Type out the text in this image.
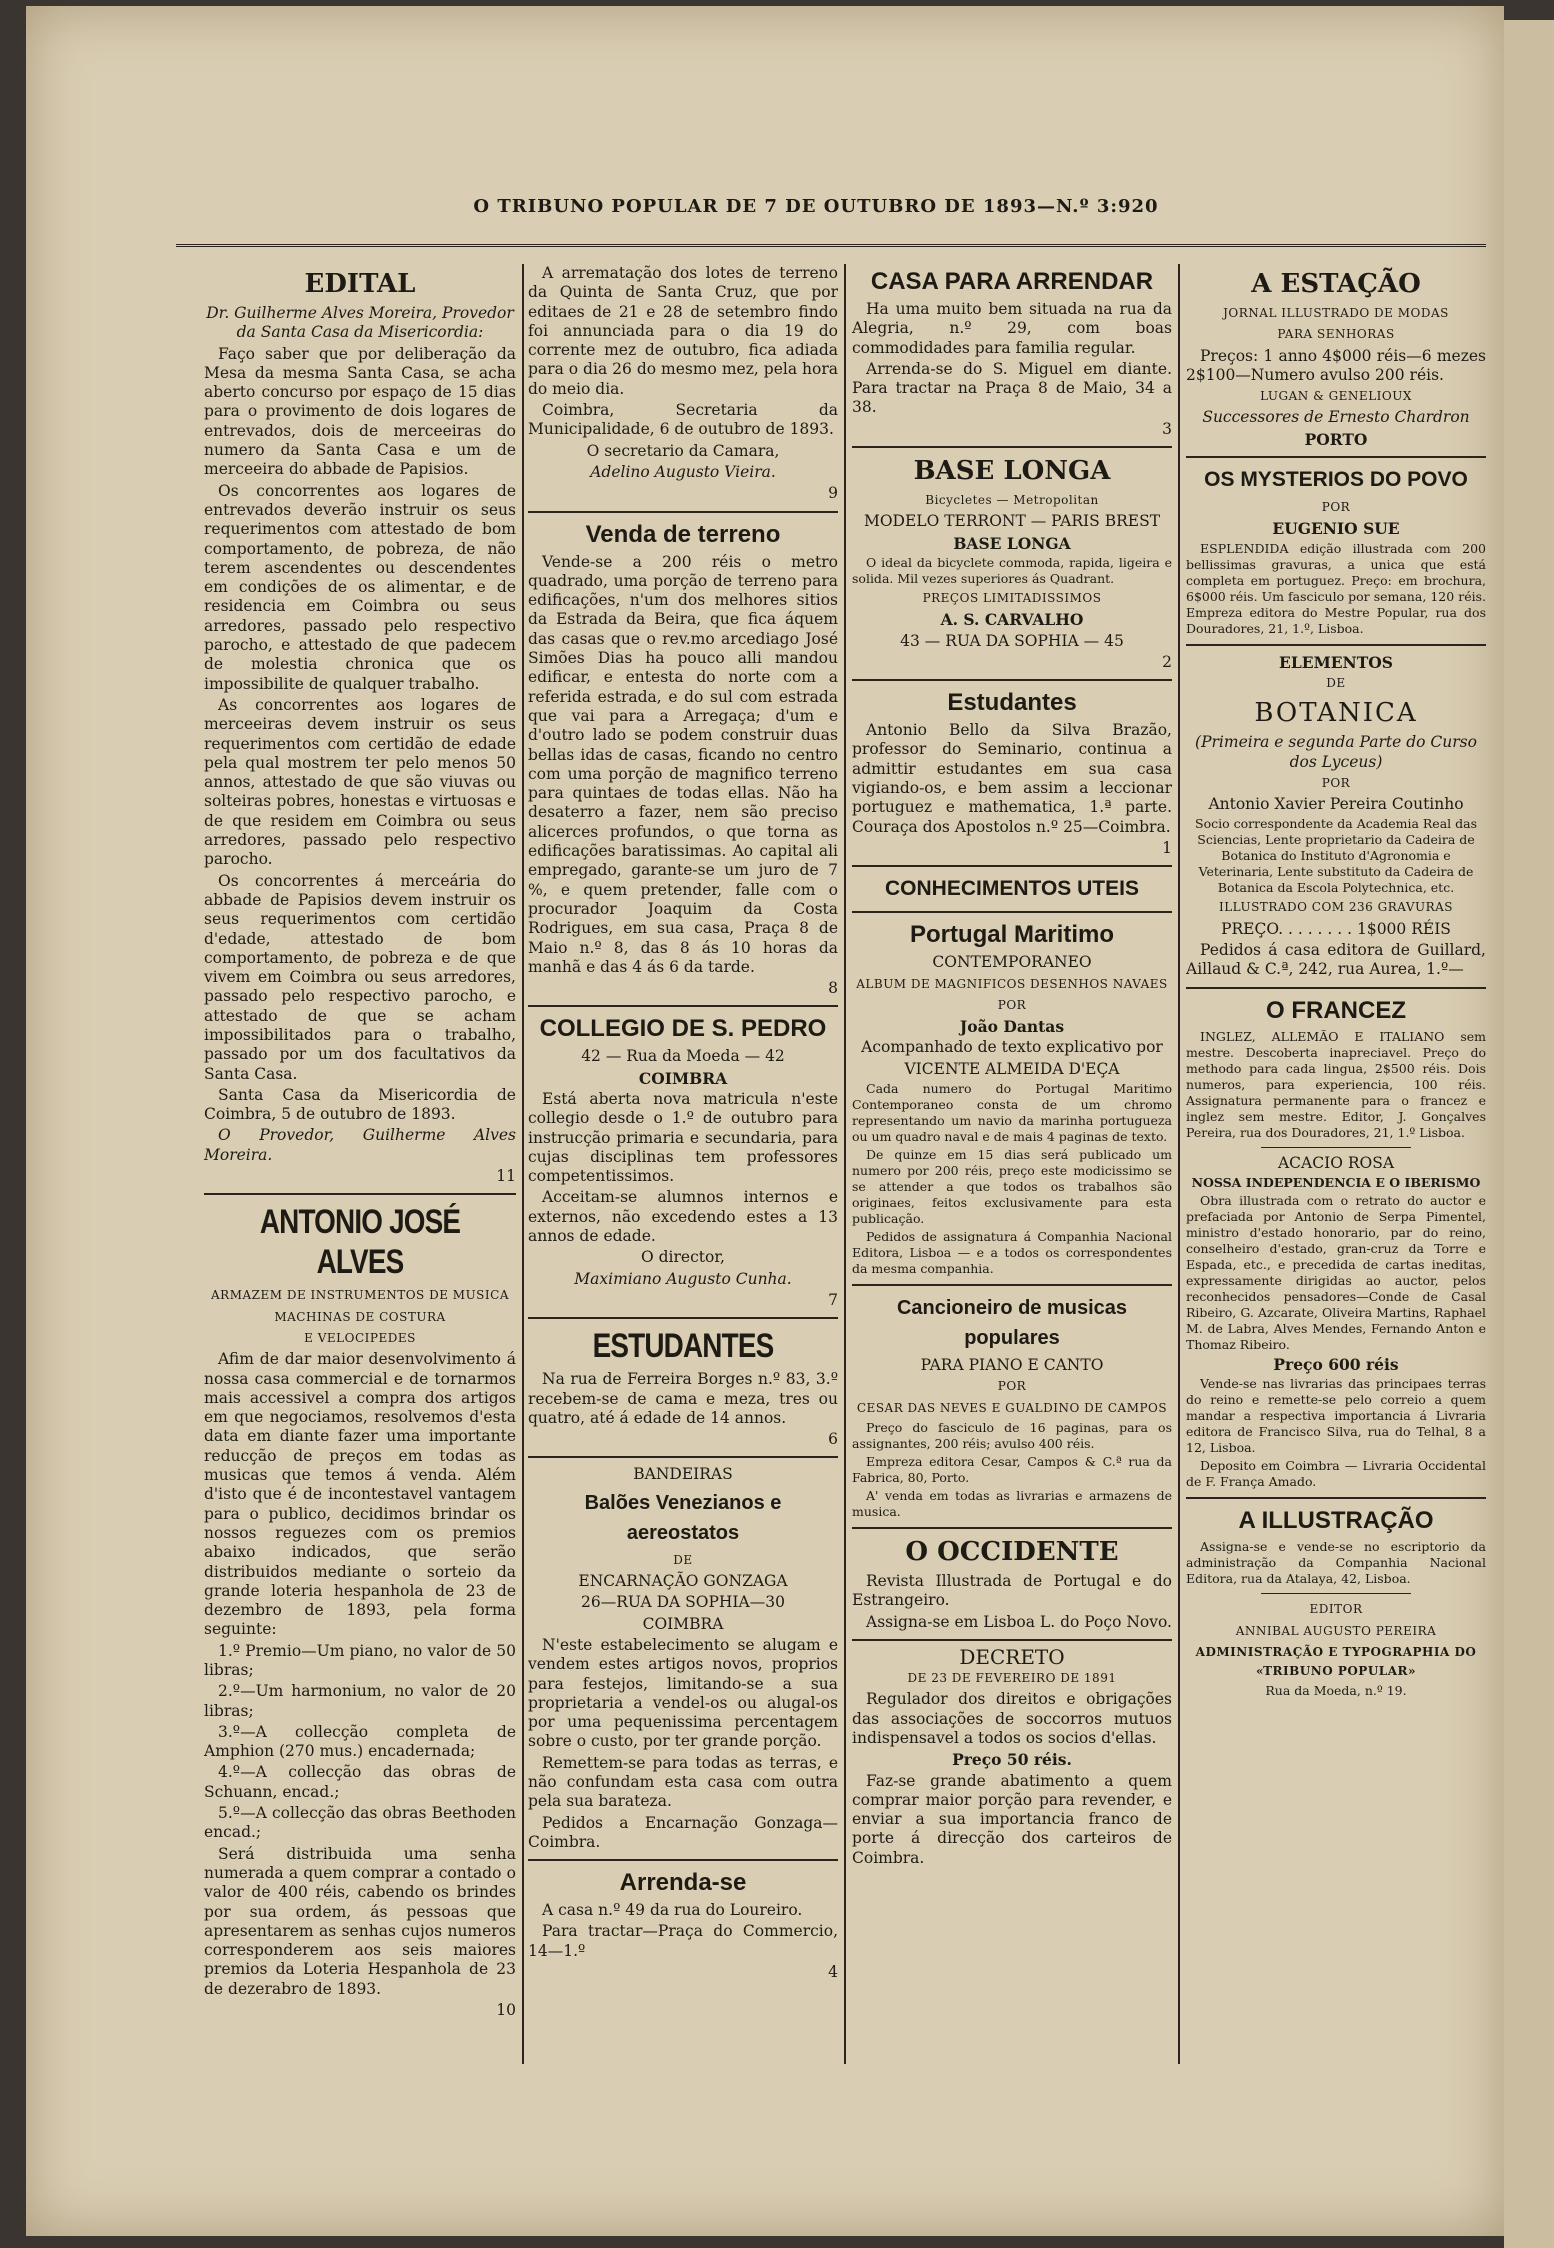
O TRIBUNO POPULAR DE 7 DE OUTUBRO DE 1893—N.º 3:920
EDITAL

Dr. Guilherme Alves Moreira, Provedor da Santa Casa da Misericordia:

Faço saber que por deliberação da Mesa da mesma Santa Casa, se acha aberto concurso por espaço de 15 dias para o provimento de dois logares de entrevados, dois de merceeiras do numero da Santa Casa e um de merceeira do abbade de Papisios.

Os concorrentes aos logares de entrevados deverão instruir os seus requerimentos com attestado de bom comportamento, de pobreza, de não terem ascendentes ou descendentes em condições de os alimentar, e de residencia em Coimbra ou seus arredores, passado pelo respectivo parocho, e attestado de que padecem de molestia chronica que os impossibilite de qualquer trabalho.

As concorrentes aos logares de merceeiras devem instruir os seus requerimentos com certidão de edade pela qual mostrem ter pelo menos 50 annos, attestado de que são viuvas ou solteiras pobres, honestas e virtuosas e de que residem em Coimbra ou seus arredores, passado pelo respectivo parocho.

Os concorrentes á merceária do abbade de Papisios devem instruir os seus requerimentos com certidão d'edade, attestado de bom comportamento, de pobreza e de que vivem em Coimbra ou seus arredores, passado pelo respectivo parocho, e attestado de que se acham impossibilitados para o trabalho, passado por um dos facultativos da Santa Casa.

Santa Casa da Misericordia de Coimbra, 5 de outubro de 1893.

O Provedor, Guilherme Alves Moreira.

11

ANTONIO JOSÉ ALVES

ARMAZEM DE INSTRUMENTOS DE MUSICA

MACHINAS DE COSTURA

E VELOCIPEDES

Afim de dar maior desenvolvimento á nossa casa commercial e de tornarmos mais accessivel a compra dos artigos em que negociamos, resolvemos d'esta data em diante fazer uma importante reducção de preços em todas as musicas que temos á venda. Além d'isto que é de incontestavel vantagem para o publico, decidimos brindar os nossos reguezes com os premios abaixo indicados, que serão distribuidos mediante o sorteio da grande loteria hespanhola de 23 de dezembro de 1893, pela forma seguinte:

1.º Premio—Um piano, no valor de 50 libras;

2.º—Um harmonium, no valor de 20 libras;

3.º—A collecção completa de Amphion (270 mus.) encadernada;

4.º—A collecção das obras de Schuann, encad.;

5.º—A collecção das obras Beethoden encad.;

Será distribuida uma senha numerada a quem comprar a contado o valor de 400 réis, cabendo os brindes por sua ordem, ás pessoas que apresentarem as senhas cujos numeros corresponderem aos seis maiores premios da Loteria Hespanhola de 23 de dezerabro de 1893.

10

A arrematação dos lotes de terreno da Quinta de Santa Cruz, que por editaes de 21 e 28 de setembro findo foi annunciada para o dia 19 do corrente mez de outubro, fica adiada para o dia 26 do mesmo mez, pela hora do meio dia.

Coimbra, Secretaria da Municipalidade, 6 de outubro de 1893.

O secretario da Camara,

Adelino Augusto Vieira.

9

Venda de terreno

Vende-se a 200 réis o metro quadrado, uma porção de terreno para edificações, n'um dos melhores sitios da Estrada da Beira, que fica áquem das casas que o rev.mo arcediago José Simões Dias ha pouco alli mandou edificar, e entesta do norte com a referida estrada, e do sul com estrada que vai para a Arregaça; d'um e d'outro lado se podem construir duas bellas idas de casas, ficando no centro com uma porção de magnifico terreno para quintaes de todas ellas. Não ha desaterro a fazer, nem são preciso alicerces profundos, o que torna as edificações baratissimas. Ao capital ali empregado, garante-se um juro de 7 %, e quem pretender, falle com o procurador Joaquim da Costa Rodrigues, em sua casa, Praça 8 de Maio n.º 8, das 8 ás 10 horas da manhã e das 4 ás 6 da tarde.

8

COLLEGIO DE S. PEDRO

42 — Rua da Moeda — 42

COIMBRA

Está aberta nova matricula n'este collegio desde o 1.º de outubro para instrucção primaria e secundaria, para cujas disciplinas tem professores competentissimos.

Acceitam-se alumnos internos e externos, não excedendo estes a 13 annos de edade.

O director,

Maximiano Augusto Cunha.

7

ESTUDANTES

Na rua de Ferreira Borges n.º 83, 3.º recebem-se de cama e meza, tres ou quatro, até á edade de 14 annos.

6

BANDEIRAS

Balões Venezianos e aereostatos

DE

ENCARNAÇÃO GONZAGA

26—RUA DA SOPHIA—30

COIMBRA

N'este estabelecimento se alugam e vendem estes artigos novos, proprios para festejos, limitando-se a sua proprietaria a vendel-os ou alugal-os por uma pequenissima percentagem sobre o custo, por ter grande porção.

Remettem-se para todas as terras, e não confundam esta casa com outra pela sua barateza.

Pedidos a Encarnação Gonzaga—Coimbra.

Arrenda-se

A casa n.º 49 da rua do Loureiro.

Para tractar—Praça do Commercio, 14—1.º

4

CASA PARA ARRENDAR

Ha uma muito bem situada na rua da Alegria, n.º 29, com boas commodidades para familia regular.

Arrenda-se do S. Miguel em diante. Para tractar na Praça 8 de Maio, 34 a 38.

3

BASE LONGA

Bicycletes — Metropolitan

MODELO TERRONT — PARIS BREST

BASE LONGA

O ideal da bicyclete commoda, rapida, ligeira e solida. Mil vezes superiores ás Quadrant.

PREÇOS LIMITADISSIMOS

A. S. CARVALHO

43 — RUA DA SOPHIA — 45

2

Estudantes

Antonio Bello da Silva Brazão, professor do Seminario, continua a admittir estudantes em sua casa vigiando-os, e bem assim a leccionar portuguez e mathematica, 1.ª parte. Couraça dos Apostolos n.º 25—Coimbra.

1

CONHECIMENTOS UTEIS
Portugal Maritimo

CONTEMPORANEO

ALBUM DE MAGNIFICOS DESENHOS NAVAES

POR

João Dantas

Acompanhado de texto explicativo por

VICENTE ALMEIDA D'EÇA

Cada numero do Portugal Maritimo Contemporaneo consta de um chromo representando um navio da marinha portugueza ou um quadro naval e de mais 4 paginas de texto.

De quinze em 15 dias será publicado um numero por 200 réis, preço este modicissimo se se attender a que todos os trabalhos são originaes, feitos exclusivamente para esta publicação.

Pedidos de assignatura á Companhia Nacional Editora, Lisboa — e a todos os correspondentes da mesma companhia.

Cancioneiro de musicas populares

PARA PIANO E CANTO

POR

CESAR DAS NEVES E GUALDINO DE CAMPOS

Preço do fasciculo de 16 paginas, para os assignantes, 200 réis; avulso 400 réis.

Empreza editora Cesar, Campos & C.ª rua da Fabrica, 80, Porto.

A' venda em todas as livrarias e armazens de musica.

O OCCIDENTE

Revista Illustrada de Portugal e do Estrangeiro.

Assigna-se em Lisboa L. do Poço Novo.

DECRETO

DE 23 DE FEVEREIRO DE 1891

Regulador dos direitos e obrigações das associações de soccorros mutuos indispensavel a todos os socios d'ellas.

Preço 50 réis.

Faz-se grande abatimento a quem comprar maior porção para revender, e enviar a sua importancia franco de porte á direcção dos carteiros de Coimbra.

A ESTAÇÃO

JORNAL ILLUSTRADO DE MODAS

PARA SENHORAS

Preços: 1 anno 4$000 réis—6 mezes 2$100—Numero avulso 200 réis.

LUGAN & GENELIOUX

Successores de Ernesto Chardron

PORTO

OS MYSTERIOS DO POVO

POR

EUGENIO SUE

ESPLENDIDA edição illustrada com 200 bellissimas gravuras, a unica que está completa em portuguez. Preço: em brochura, 6$000 réis. Um fasciculo por semana, 120 réis. Empreza editora do Mestre Popular, rua dos Douradores, 21, 1.º, Lisboa.

ELEMENTOS

DE

BOTANICA

(Primeira e segunda Parte do Curso dos Lyceus)

POR

Antonio Xavier Pereira Coutinho

Socio correspondente da Academia Real das Sciencias, Lente proprietario da Cadeira de Botanica do Instituto d'Agronomia e Veterinaria, Lente substituto da Cadeira de Botanica da Escola Polytechnica, etc.

ILLUSTRADO COM 236 GRAVURAS

PREÇO. . . . . . . . 1$000 RÉIS

Pedidos á casa editora de Guillard, Aillaud & C.ª, 242, rua Aurea, 1.º—

O FRANCEZ

INGLEZ, ALLEMÃO E ITALIANO sem mestre. Descoberta inapreciavel. Preço do methodo para cada lingua, 2$500 réis. Dois numeros, para experiencia, 100 réis. Assignatura permanente para o francez e inglez sem mestre. Editor, J. Gonçalves Pereira, rua dos Douradores, 21, 1.º Lisboa.

ACACIO ROSA

NOSSA INDEPENDENCIA E O IBERISMO

Obra illustrada com o retrato do auctor e prefaciada por Antonio de Serpa Pimentel, ministro d'estado honorario, par do reino, conselheiro d'estado, gran-cruz da Torre e Espada, etc., e precedida de cartas ineditas, expressamente dirigidas ao auctor, pelos reconhecidos pensadores—Conde de Casal Ribeiro, G. Azcarate, Oliveira Martins, Raphael M. de Labra, Alves Mendes, Fernando Anton e Thomaz Ribeiro.

Preço 600 réis

Vende-se nas livrarias das principaes terras do reino e remette-se pelo correio a quem mandar a respectiva importancia á Livraria editora de Francisco Silva, rua do Telhal, 8 a 12, Lisboa.

Deposito em Coimbra — Livraria Occidental de F. França Amado.

A ILLUSTRAÇÃO

Assigna-se e vende-se no escriptorio da administração da Companhia Nacional Editora, rua da Atalaya, 42, Lisboa.

EDITOR

ANNIBAL AUGUSTO PEREIRA

ADMINISTRAÇÃO E TYPOGRAPHIA DO «TRIBUNO POPULAR»

Rua da Moeda, n.º 19.
